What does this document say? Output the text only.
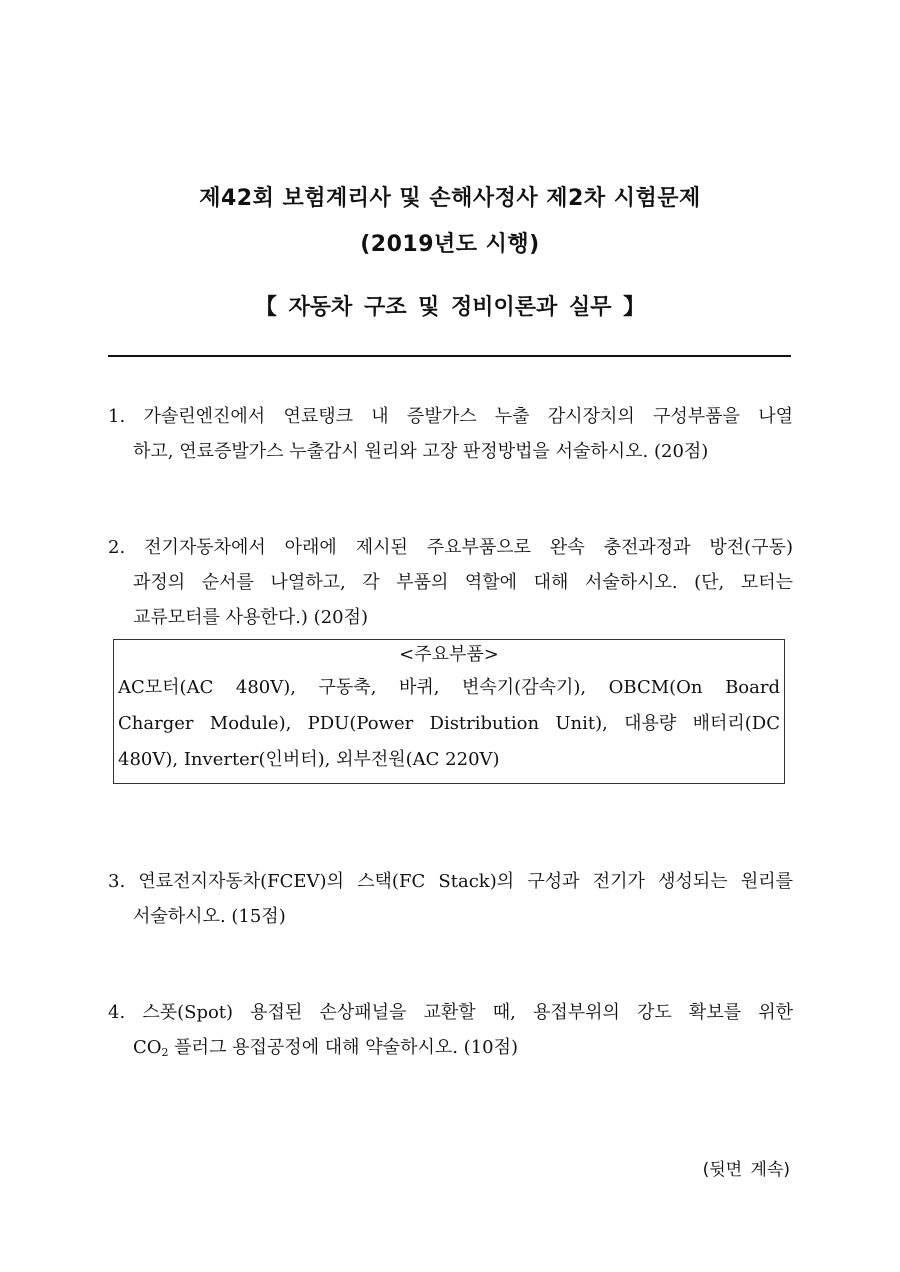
제42회 보험계리사 및 손해사정사 제2차 시험문제
(2019년도 시행)
【 자동차 구조 및 정비이론과 실무 】
1. 가솔린엔진에서 연료탱크 내 증발가스 누출 감시장치의 구성부품을 나열
하고, 연료증발가스 누출감시 원리와 고장 판정방법을 서술하시오. (20점)
2. 전기자동차에서 아래에 제시된 주요부품으로 완속 충전과정과 방전(구동)
과정의 순서를 나열하고, 각 부품의 역할에 대해 서술하시오. (단, 모터는
교류모터를 사용한다.) (20점)
<주요부품>
AC모터(AC 480V), 구동축, 바퀴, 변속기(감속기), OBCM(On Board
Charger Module), PDU(Power Distribution Unit), 대용량 배터리(DC
480V), Inverter(인버터), 외부전원(AC 220V)
3. 연료전지자동차(FCEV)의 스택(FC Stack)의 구성과 전기가 생성되는 원리를
서술하시오. (15점)
4. 스폿(Spot) 용접된 손상패널을 교환할 때, 용접부위의 강도 확보를 위한
$CO_2$ 플러그 용접공정에 대해 약술하시오. (10점)
(뒷면 계속)
